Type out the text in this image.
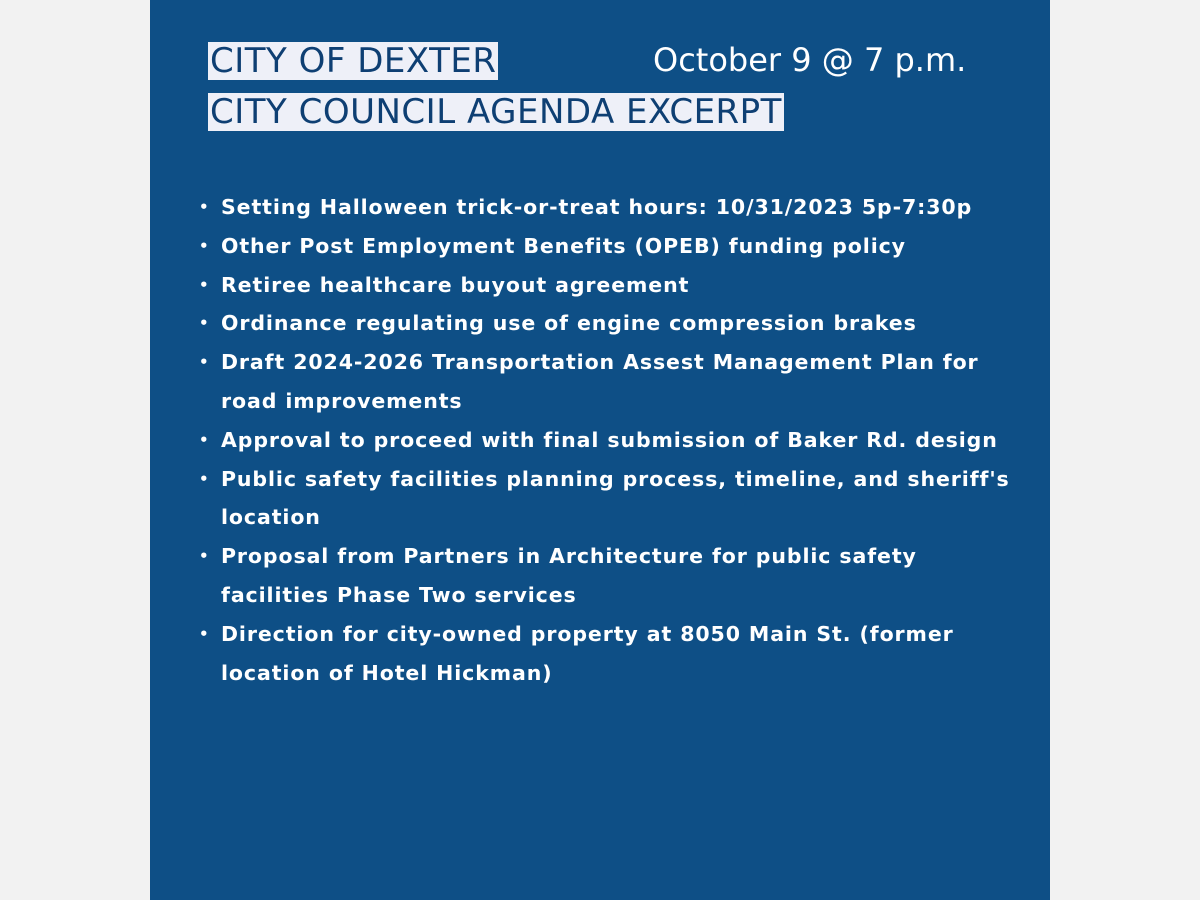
CITY OF DEXTER
CITY COUNCIL AGENDA EXCERPT
October 9 @ 7 p.m.
• Setting Halloween trick-or-treat hours: 10/31/2023 5p-7:30p
• Other Post Employment Benefits (OPEB) funding policy
• Retiree healthcare buyout agreement
• Ordinance regulating use of engine compression brakes
• Draft 2024-2026 Transportation Assest Management Plan for road improvements
• Approval to proceed with final submission of Baker Rd. design
• Public safety facilities planning process, timeline, and sheriff's location
• Proposal from Partners in Architecture for public safety facilities Phase Two services
• Direction for city-owned property at 8050 Main St. (former location of Hotel Hickman)
